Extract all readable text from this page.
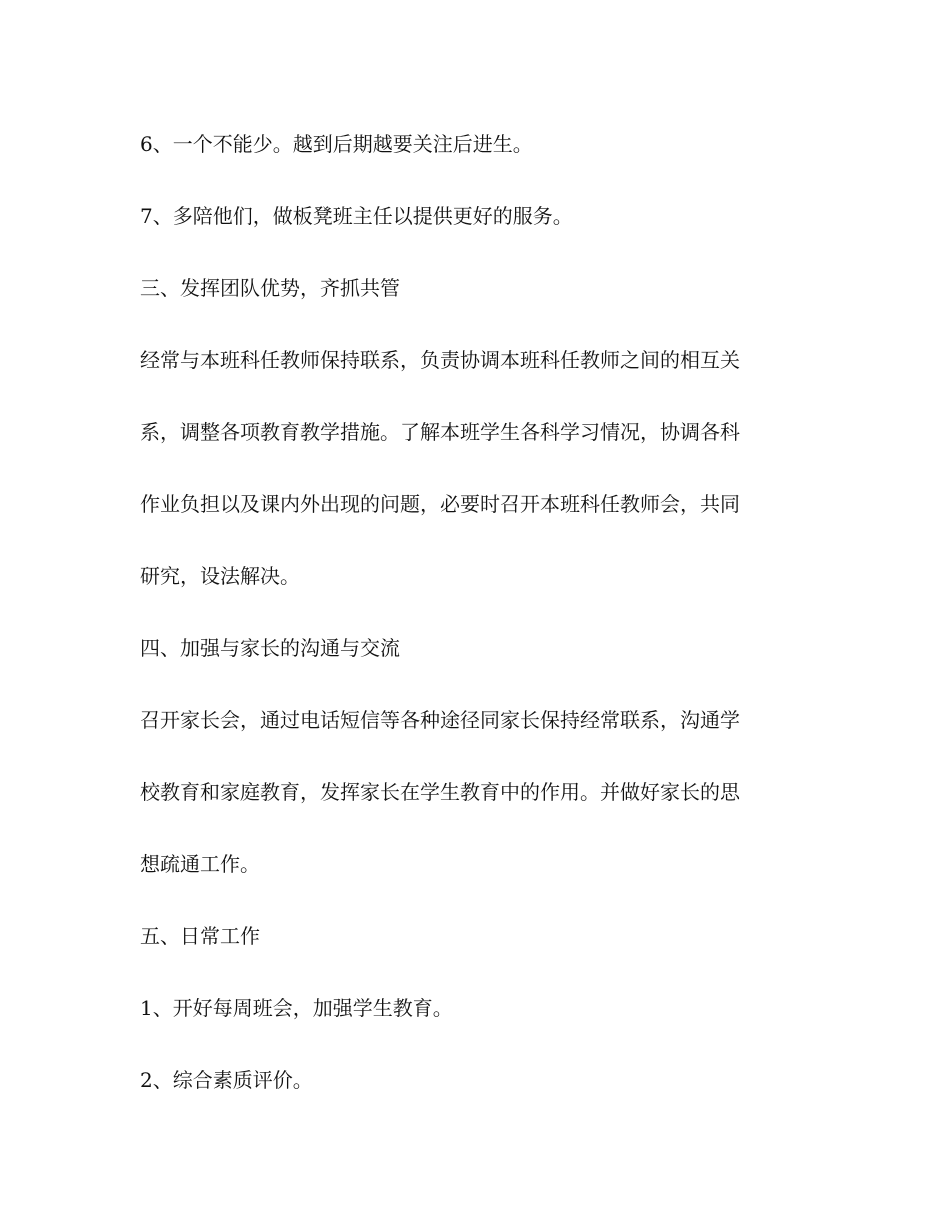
6、一个不能少。越到后期越要关注后进生。
7、多陪他们，做板凳班主任以提供更好的服务。
三、发挥团队优势，齐抓共管
经常与本班科任教师保持联系，负责协调本班科任教师之间的相互关
系，调整各项教育教学措施。了解本班学生各科学习情况，协调各科
作业负担以及课内外出现的问题，必要时召开本班科任教师会，共同
研究，设法解决。
四、加强与家长的沟通与交流
召开家长会，通过电话短信等各种途径同家长保持经常联系，沟通学
校教育和家庭教育，发挥家长在学生教育中的作用。并做好家长的思
想疏通工作。
五、日常工作
1、开好每周班会，加强学生教育。
2、综合素质评价。
